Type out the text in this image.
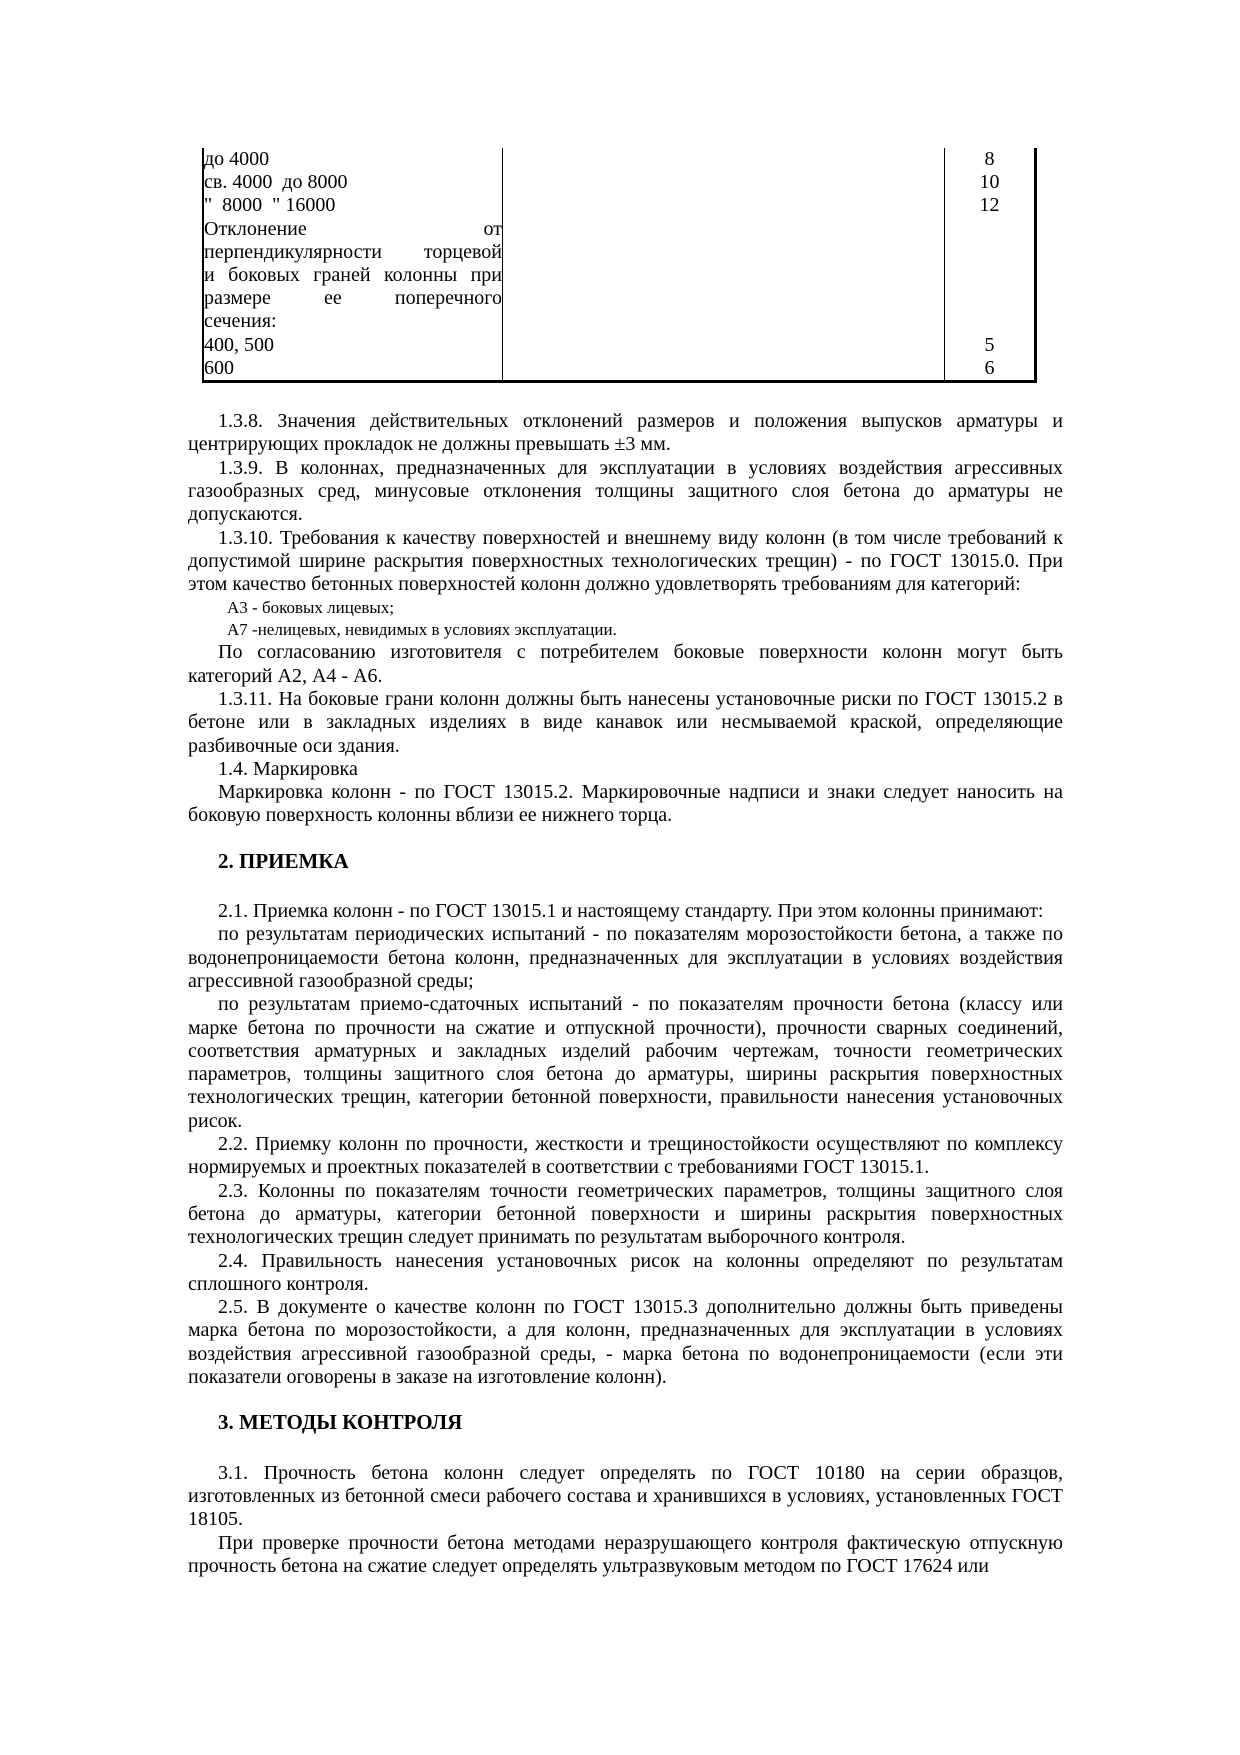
до 4000		8
св. 4000  до 8000		10
"  8000  " 16000		12

Отклонение от
перпендикулярности торцевой
и боковых граней колонны при
размере ее поперечного
сечения:		

400, 500		5
600		6
1.3.8. Значения действительных отклонений размеров и положения выпусков арматуры и центрирующих прокладок не должны превышать ±3 мм.
1.3.9. В колоннах, предназначенных для эксплуатации в условиях воздействия агрессивных газообразных сред, минусовые отклонения толщины защитного слоя бетона до арматуры не допускаются.
1.3.10. Требования к качеству поверхностей и внешнему виду колонн (в том числе требований к допустимой ширине раскрытия поверхностных технологических трещин) - по ГОСТ 13015.0. При этом качество бетонных поверхностей колонн должно удовлетворять требованиям для категорий:
А3 - боковых лицевых;
А7 -нелицевых, невидимых в условиях эксплуатации.
По согласованию изготовителя с потребителем боковые поверхности колонн могут быть категорий А2, А4 - А6.
1.3.11. На боковые грани колонн должны быть нанесены установочные риски по ГОСТ 13015.2 в бетоне или в закладных изделиях в виде канавок или несмываемой краской, определяющие разбивочные оси здания.
1.4. Маркировка
Маркировка колонн - по ГОСТ 13015.2. Маркировочные надписи и знаки следует наносить на боковую поверхность колонны вблизи ее нижнего торца.
2. ПРИЕМКА
2.1. Приемка колонн - по ГОСТ 13015.1 и настоящему стандарту. При этом колонны принимают:
по результатам периодических испытаний - по показателям морозостойкости бетона, а также по водонепроницаемости бетона колонн, предназначенных для эксплуатации в условиях воздействия агрессивной газообразной среды;
по результатам приемо-сдаточных испытаний - по показателям прочности бетона (классу или марке бетона по прочности на сжатие и отпускной прочности), прочности сварных соединений, соответствия арматурных и закладных изделий рабочим чертежам, точности геометрических параметров, толщины защитного слоя бетона до арматуры, ширины раскрытия поверхностных технологических трещин, категории бетонной поверхности, правильности нанесения установочных рисок.
2.2. Приемку колонн по прочности, жесткости и трещиностойкости осуществляют по комплексу нормируемых и проектных показателей в соответствии с требованиями ГОСТ 13015.1.
2.3. Колонны по показателям точности геометрических параметров, толщины защитного слоя бетона до арматуры, категории бетонной поверхности и ширины раскрытия поверхностных технологических трещин следует принимать по результатам выборочного контроля.
2.4. Правильность нанесения установочных рисок на колонны определяют по результатам сплошного контроля.
2.5. В документе о качестве колонн по ГОСТ 13015.3 дополнительно должны быть приведены марка бетона по морозостойкости, а для колонн, предназначенных для эксплуатации в условиях воздействия агрессивной газообразной среды, - марка бетона по водонепроницаемости (если эти показатели оговорены в заказе на изготовление колонн).
3. МЕТОДЫ КОНТРОЛЯ
3.1. Прочность бетона колонн следует определять по ГОСТ 10180 на серии образцов, изготовленных из бетонной смеси рабочего состава и хранившихся в условиях, установленных ГОСТ 18105.
При проверке прочности бетона методами неразрушающего контроля фактическую отпускную прочность бетона на сжатие следует определять ультразвуковым методом по ГОСТ 17624 или
